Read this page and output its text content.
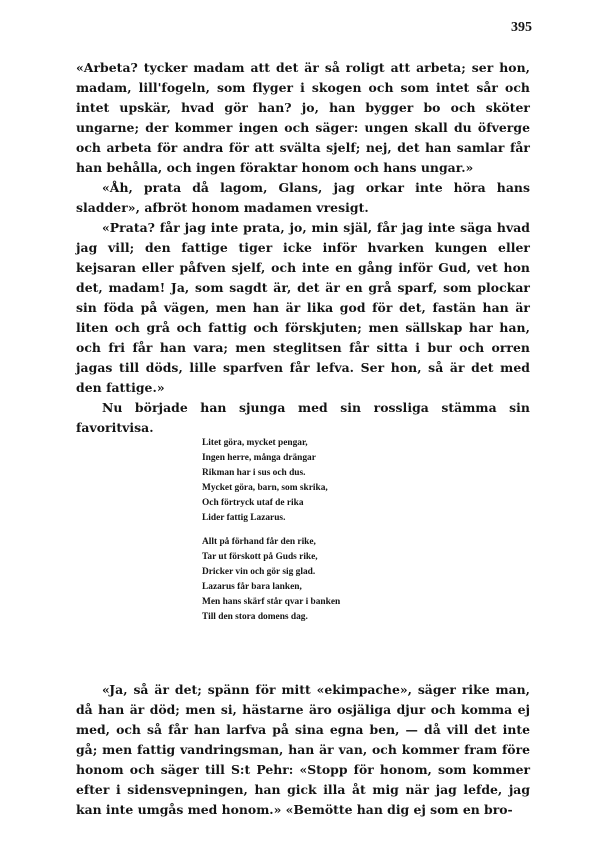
395

«Arbeta? tycker madam att det är så roligt att arbeta; ser hon, madam, lill'fogeln, som flyger i skogen och som intet sår och intet upskär, hvad gör han? jo, han bygger bo och sköter ungarne; der kommer ingen och säger: ungen skall du öfverge och arbeta för andra för att svälta sjelf; nej, det han samlar får han behålla, och ingen föraktar honom och hans ungar.»

«Åh, prata då lagom, Glans, jag orkar inte höra hans sladder», afbröt honom madamen vresigt.

«Prata? får jag inte prata, jo, min själ, får jag inte säga hvad jag vill; den fattige tiger icke inför hvarken kungen eller kejsaran eller påfven sjelf, och inte en gång inför Gud, vet hon det, madam! Ja, som sagdt är, det är en grå sparf, som plockar sin föda på vägen, men han är lika god för det, fastän han är liten och grå och fattig och förskjuten; men sällskap har han, och fri får han vara; men steglitsen får sitta i bur och orren jagas till döds, lille sparfven får lefva. Ser hon, så är det med den fattige.»

Nu började han sjunga med sin rossliga stämma sin favoritvisa.

Litet göra, mycket pengar,
Ingen herre, många drängar
Rikman har i sus och dus.
Mycket göra, barn, som skrika,
Och förtryck utaf de rika
Lider fattig Lazarus.
Allt på förhand får den rike,
Tar ut förskott på Guds rike,
Dricker vin och gör sig glad.
Lazarus får bara lanken,
Men hans skärf står qvar i banken
Till den stora domens dag.

«Ja, så är det; spänn för mitt «ekimpache», säger rike man, då han är död; men si, hästarne äro osjäliga djur och komma ej med, och så får han larfva på sina egna ben, — då vill det inte gå; men fattig vandringsman, han är van, och kommer fram före honom och säger till S:t Pehr: «Stopp för honom, som kommer efter i sidensvepningen, han gick illa åt mig när jag lefde, jag kan inte umgås med honom.» «Bemötte han dig ej som en bro-
